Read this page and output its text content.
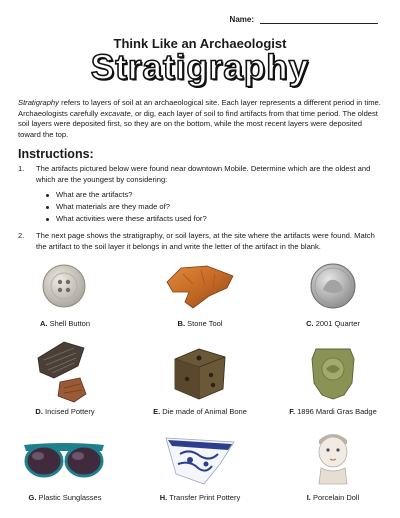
Name:
Think Like an Archaeologist
Stratigraphy

Stratigraphy refers to layers of soil at an archaeological site. Each layer represents a different period in time. Archaeologists carefully excavate, or dig, each layer of soil to find artifacts from that time period. The oldest soil layers were deposited first, so they are on the bottom, while the most recent layers were deposited toward the top.

Instructions:
1.	The artifacts pictured below were found near downtown Mobile. Determine which are the oldest and which are the youngest by considering:
What are the artifacts?
What materials are they made of?
What activities were these artifacts used for?
2.	The next page shows the stratigraphy, or soil layers, at the site where the artifacts were found. Match the artifact to the soil layer it belongs in and write the letter of the artifact in the blank.
A. Shell Button	B. Stone Tool	C. 2001 Quarter
D. Incised Pottery	E. Die made of Animal Bone	F. 1896 Mardi Gras Badge
G. Plastic Sunglasses	H. Transfer Print Pottery	I. Porcelain Doll
